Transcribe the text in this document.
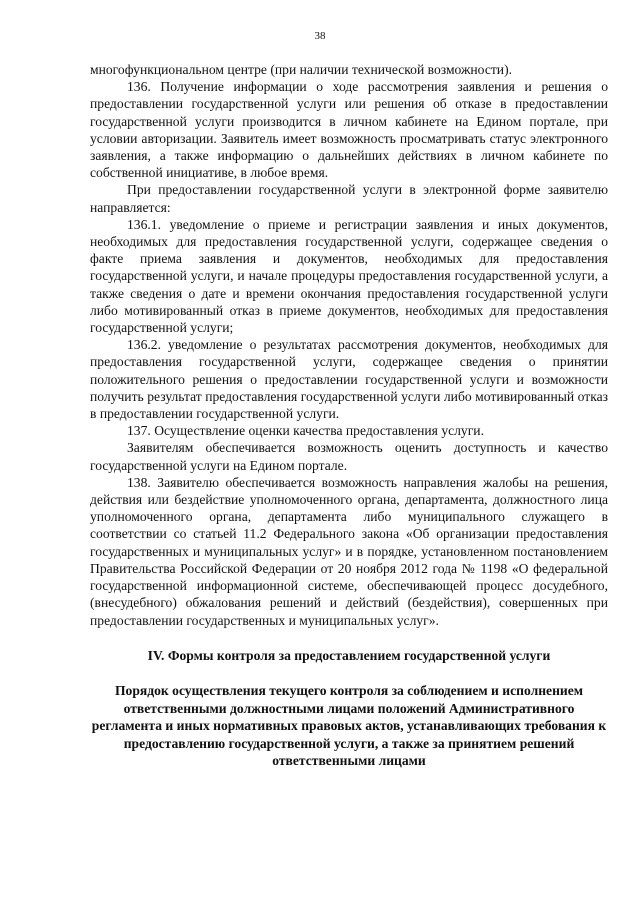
38

многофункциональном центре (при наличии технической возможности).

136. Получение информации о ходе рассмотрения заявления и решения о предоставлении государственной услуги или решения об отказе в предоставлении государственной услуги производится в личном кабинете на Едином портале, при условии авторизации. Заявитель имеет возможность просматривать статус электронного заявления, а также информацию о дальнейших действиях в личном кабинете по собственной инициативе, в любое время.

При предоставлении государственной услуги в электронной форме заявителю направляется:

136.1. уведомление о приеме и регистрации заявления и иных документов, необходимых для предоставления государственной услуги, содержащее сведения о факте приема заявления и документов, необходимых для предоставления государственной услуги, и начале процедуры предоставления государственной услуги, а также сведения о дате и времени окончания предоставления государственной услуги либо мотивированный отказ в приеме документов, необходимых для предоставления государственной услуги;

136.2. уведомление о результатах рассмотрения документов, необходимых для предоставления государственной услуги, содержащее сведения о принятии положительного решения о предоставлении государственной услуги и возможности получить результат предоставления государственной услуги либо мотивированный отказ в предоставлении государственной услуги.

137. Осуществление оценки качества предоставления услуги.

Заявителям обеспечивается возможность оценить доступность и качество государственной услуги на Едином портале.

138. Заявителю обеспечивается возможность направления жалобы на решения, действия или бездействие уполномоченного органа, департамента, должностного лица уполномоченного органа, департамента либо муниципального служащего в соответствии со статьей 11.2 Федерального закона «Об организации предоставления государственных и муниципальных услуг» и в порядке, установленном постановлением Правительства Российской Федерации от 20 ноября 2012 года № 1198 «О федеральной государственной информационной системе, обеспечивающей процесс досудебного, (внесудебного) обжалования решений и действий (бездействия), совершенных при предоставлении государственных и муниципальных услуг».

IV. Формы контроля за предоставлением государственной услуги

Порядок осуществления текущего контроля за соблюдением и исполнением ответственными должностными лицами положений Административного регламента и иных нормативных правовых актов, устанавливающих требования к предоставлению государственной услуги, а также за принятием решений ответственными лицами
